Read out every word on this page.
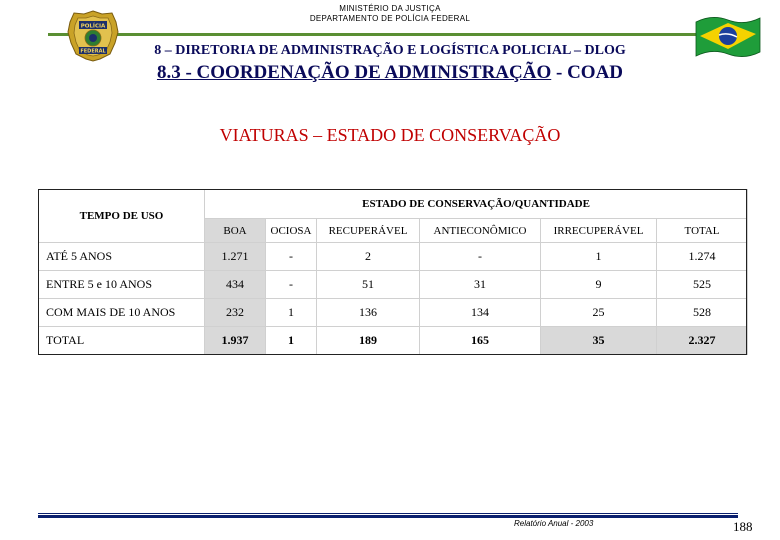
MINISTÉRIO DA JUSTIÇA
DEPARTAMENTO DE POLÍCIA FEDERAL
POLÍCIA
FEDERAL	8 – DIRETORIA DE ADMINISTRAÇÃO E LOGÍSTICA POLICIAL – DLOG
8.3 - COORDENAÇÃO DE ADMINISTRAÇÃO - COAD
VIATURAS – ESTADO DE CONSERVAÇÃO
TEMPO DE USO	ESTADO DE CONSERVAÇÃO/QUANTIDADE					
	BOA	OCIOSA	RECUPERÁVEL	ANTIECONÔMICO	IRRECUPERÁVEL	TOTAL
ATÉ 5 ANOS	1.271	-	2	-	1	1.274
ENTRE 5 e 10 ANOS	434	-	51	31	9	525
COM MAIS DE 10 ANOS	232	1	136	134	25	528
TOTAL	1.937	1	189	165	35	2.327
Relatório Anual - 2003	188
